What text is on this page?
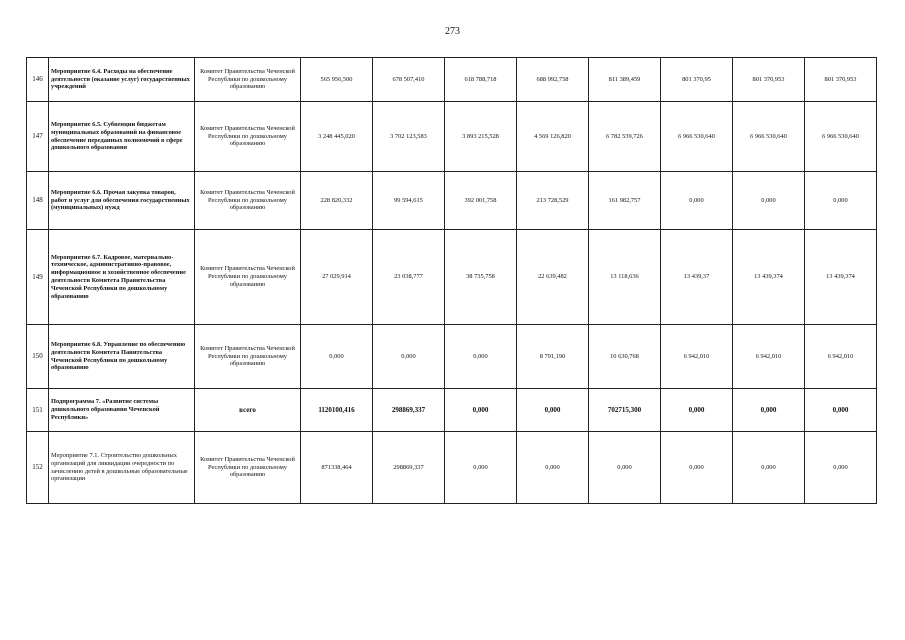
273
146	Мероприятие 6.4. Расходы на обеспечение деятельности (оказание услуг) государственных учреждений	Комитет Правительства Чеченской Республики по дошкольному образованию	565 956,500	678 507,410	618 788,718	688 992,758	811 389,459	801 370,95	801 370,953	801 370,953
147	Мероприятие 6.5. Субвенции бюджетам муниципальных образований на финансовое обеспечение переданных полномочий в сфере дошкольного образования	Комитет Правительства Чеченской Республики по дошкольному образованию	3 248 445,020	3 702 123,583	3 893 215,528	4 569 126,820	6 782 539,726	6 966 530,640	6 966 530,640	6 966 530,640
148	Мероприятие 6.6. Прочая закупка товаров, работ и услуг для обеспечения государственных (муниципальных) нужд	Комитет Правительства Чеченской Республики по дошкольному образованию	228 820,332	99 594,615	392 001,758	213 728,529	161 982,757	0,000	0,000	0,000
149	Мероприятие 6.7. Кадровое, материально-техническое, административно-правовое, информационное и хозяйственное обеспечение деятельности Комитета Правительства Чеченской Республики по дошкольному образованию	Комитет Правительства Чеченской Республики по дошкольному образованию	27 029,914	23 038,777	38 735,758	22 639,482	13 118,636	13 439,37	13 439,374	13 439,374
150	Мероприятие 6.8. Управление по обеспечению деятельности Комитета Паиительства Чеченской Республики по дошкольному образованию	Комитет Правительства Чеченской Республики по дошкольному образованию	0,000	0,000	0,000	8 791,190	10 630,768	6 942,010	6 942,010	6 942,010
151	Подпрограмма 7. «Развитие системы дошкольного образования Чеченской Республики»	всего	1120100,416	298869,337	0,000	0,000	702715,300	0,000	0,000	0,000
152	Мероприятие 7.1. Строительство дошкольных организаций для ликвидации очередности по зачислению детей в дошкольные образовательные организации	Комитет Правительства Чеченской Республики по дошкольному образованию	871338,464	298869,337	0,000	0,000	0,000	0,000	0,000	0,000
